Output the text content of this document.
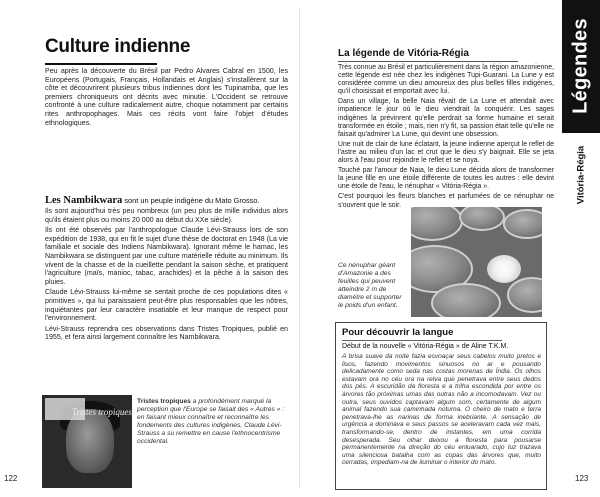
Culture indienne

Peu après la découverte du Brésil par Pedro Alvares Cabral en 1500, les Européens (Portugais, Français, Hollandais et Anglais) s'installèrent sur la côte et découvrirent plusieurs tribus indiennes dont les Tupinamba, que les premiers chroniqueurs ont décrits avec minutie. L'Occident se retrouve confronté à une culture radicalement autre, choque notamment par certains rites anthropophages. Mais ces récits vont faire l'objet d'études ethnologiques.

Les Nambikwara sont un peuple indigène du Mato Grosso.

Ils sont aujourd'hui très peu nombreux (un peu plus de mille individus alors qu'ils étaient plus ou moins 20 000 au début du XXe siècle).

Ils ont été observés par l'anthropologue Claude Lévi-Strauss lors de son expédition de 1938, qui en fit le sujet d'une thèse de doctorat en 1948 (La vie familiale et sociale des Indiens Nambikwara). Ignorant même le hamac, les Nambikwara se distinguent par une culture matérielle réduite au minimum. Ils vivent de la chasse et de la cueillette pendant la saison sèche, et pratiquent l'agriculture (maïs, manioc, tabac, arachides) et la pêche à la saison des pluies.

Claude Lévi-Strauss lui-même se sentait proche de ces populations dites « primitives », qui lui paraissaient peut-être plus responsables que les nôtres, inquiétantes par leur caractère insatiable et leur manque de respect pour l'environnement.

Lévi-Strauss reprendra ces observations dans Tristes Tropiques, publié en 1955, et fera ainsi largement connaître les Nambikwara.

Tristes tropiques
Tristes tropiques a profondément marqué la perception que l'Europe se faisait des « Autres » : en faisant mieux connaître et reconnaître les fondements des cultures indigènes, Claude Lévi-Strauss a su remettre en cause l'ethnocentrisme occidental.
122
La légende de Vitória-Régia

Très connue au Brésil et particulièrement dans la région amazonienne, cette légende est née chez les indigènes Tupi-Guarani. La Lune y est considérée comme un dieu amoureux des plus belles filles indigènes, qu'il choisissait et emportait avec lui.

Dans un village, la belle Naia rêvait de La Lune et attendait avec impatience le jour où le dieu viendrait la conquérir. Les sages indigènes la prévinrent qu'elle perdrait sa forme humaine et serait transformée en étoile ; mais, rien n'y fit, sa passion était telle qu'elle ne faisait qu'admirer La Lune, qui devint une obsession.

Une nuit de clair de lune éclatant, la jeune indienne aperçut le reflet de l'astre au milieu d'un lac et crut que le dieu s'y baignait. Elle se jeta alors à l'eau pour rejoindre le reflet et se noya.

Touché par l'amour de Naia, le dieu Lune décida alors de transformer la jeune fille en une étoile différente de toutes les autres : elle devint une étoile de l'eau, le nénuphar « Vitória-Régia ».

C'est pourquoi les fleurs blanches et parfumées de ce nénuphar ne s'ouvrent que le soir.

Ce nénuphar géant d'Amazonie a des feuilles qui peuvent atteindre 2 m de diamètre et supporter le poids d'un enfant.
Pour découvrir la langue
Début de la nouvelle « Vitória-Régia » de Aline T.K.M.
A brisa suave da noite fazia esvoaçar seus cabelos muito pretos e lisos, fazendo movimentos sinuosos no ar e pousando delicadamente como seda nas costas morenas de Índia. Os olhos estavam ora no céu ora na relva que penetrava entre seus dedos dos pés. A escuridão da floresta e a trilha escondida por entre os árvores tão próximas umas das outras não a incomodavam. Vez ou outra, seus ouvidos captavam algum som, certamente de algum animal fazendo sua caminhada noturna. O cheiro de mato e terra penetrava-lhe as narinas de forma inebriante. A sensação de urgência a dominava e seus passos se aceleravam cada vez mais, transformando-se, dentro de instantes, em uma corrida desesperada. Seu olhar deixou a floresta para pousarse permanentemente na direção do céu enluarado, cujo luz trazava uma silenciosa batalha com as copas das árvores que, muito cerradas, impediam-na de iluminar o interior do mato.
123
Légendes
Vitória-Régia
